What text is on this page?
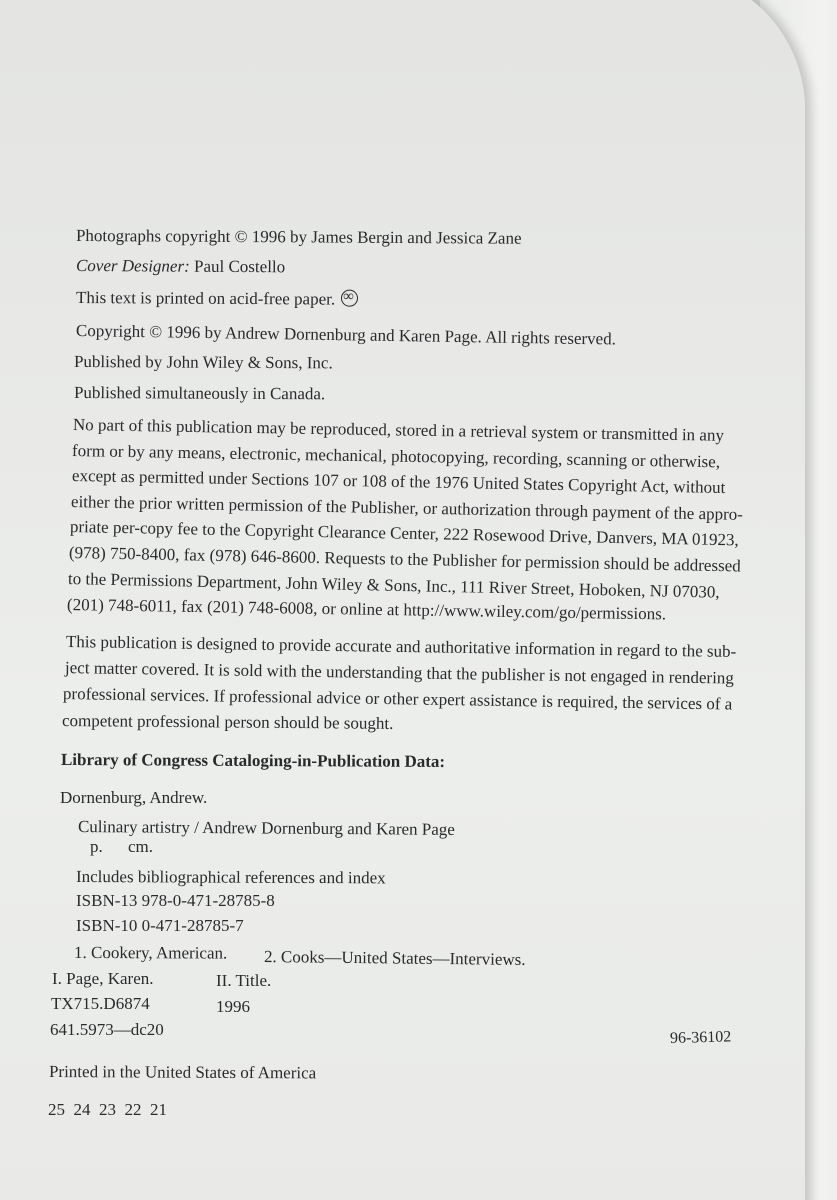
Photographs copyright © 1996 by James Bergin and Jessica Zane
Cover Designer: Paul Costello
This text is printed on acid-free paper.∞
Copyright © 1996 by Andrew Dornenburg and Karen Page. All rights reserved.
Published by John Wiley & Sons, Inc.
Published simultaneously in Canada.
No part of this publication may be reproduced, stored in a retrieval system or transmitted in any
form or by any means, electronic, mechanical, photocopying, recording, scanning or otherwise,
except as permitted under Sections 107 or 108 of the 1976 United States Copyright Act, without
either the prior written permission of the Publisher, or authorization through payment of the appro-
priate per-copy fee to the Copyright Clearance Center, 222 Rosewood Drive, Danvers, MA 01923,
(978) 750-8400, fax (978) 646-8600. Requests to the Publisher for permission should be addressed
to the Permissions Department, John Wiley & Sons, Inc., 111 River Street, Hoboken, NJ 07030,
(201) 748-6011, fax (201) 748-6008, or online at http://www.wiley.com/go/permissions.
This publication is designed to provide accurate and authoritative information in regard to the sub-
ject matter covered. It is sold with the understanding that the publisher is not engaged in rendering
professional services. If professional advice or other expert assistance is required, the services of a
competent professional person should be sought.
Library of Congress Cataloging-in-Publication Data:
Dornenburg, Andrew.
Culinary artistry / Andrew Dornenburg and Karen Page
p. cm.
Includes bibliographical references and index
ISBN-13 978-0-471-28785-8
ISBN-10 0-471-28785-7
1. Cookery, American. 2. Cooks—United States—Interviews.
I. Page, Karen.	II. Title.
TX715.D6874	1996
641.5973—dc20	96-36102
Printed in the United States of America
25  24  23  22  21
